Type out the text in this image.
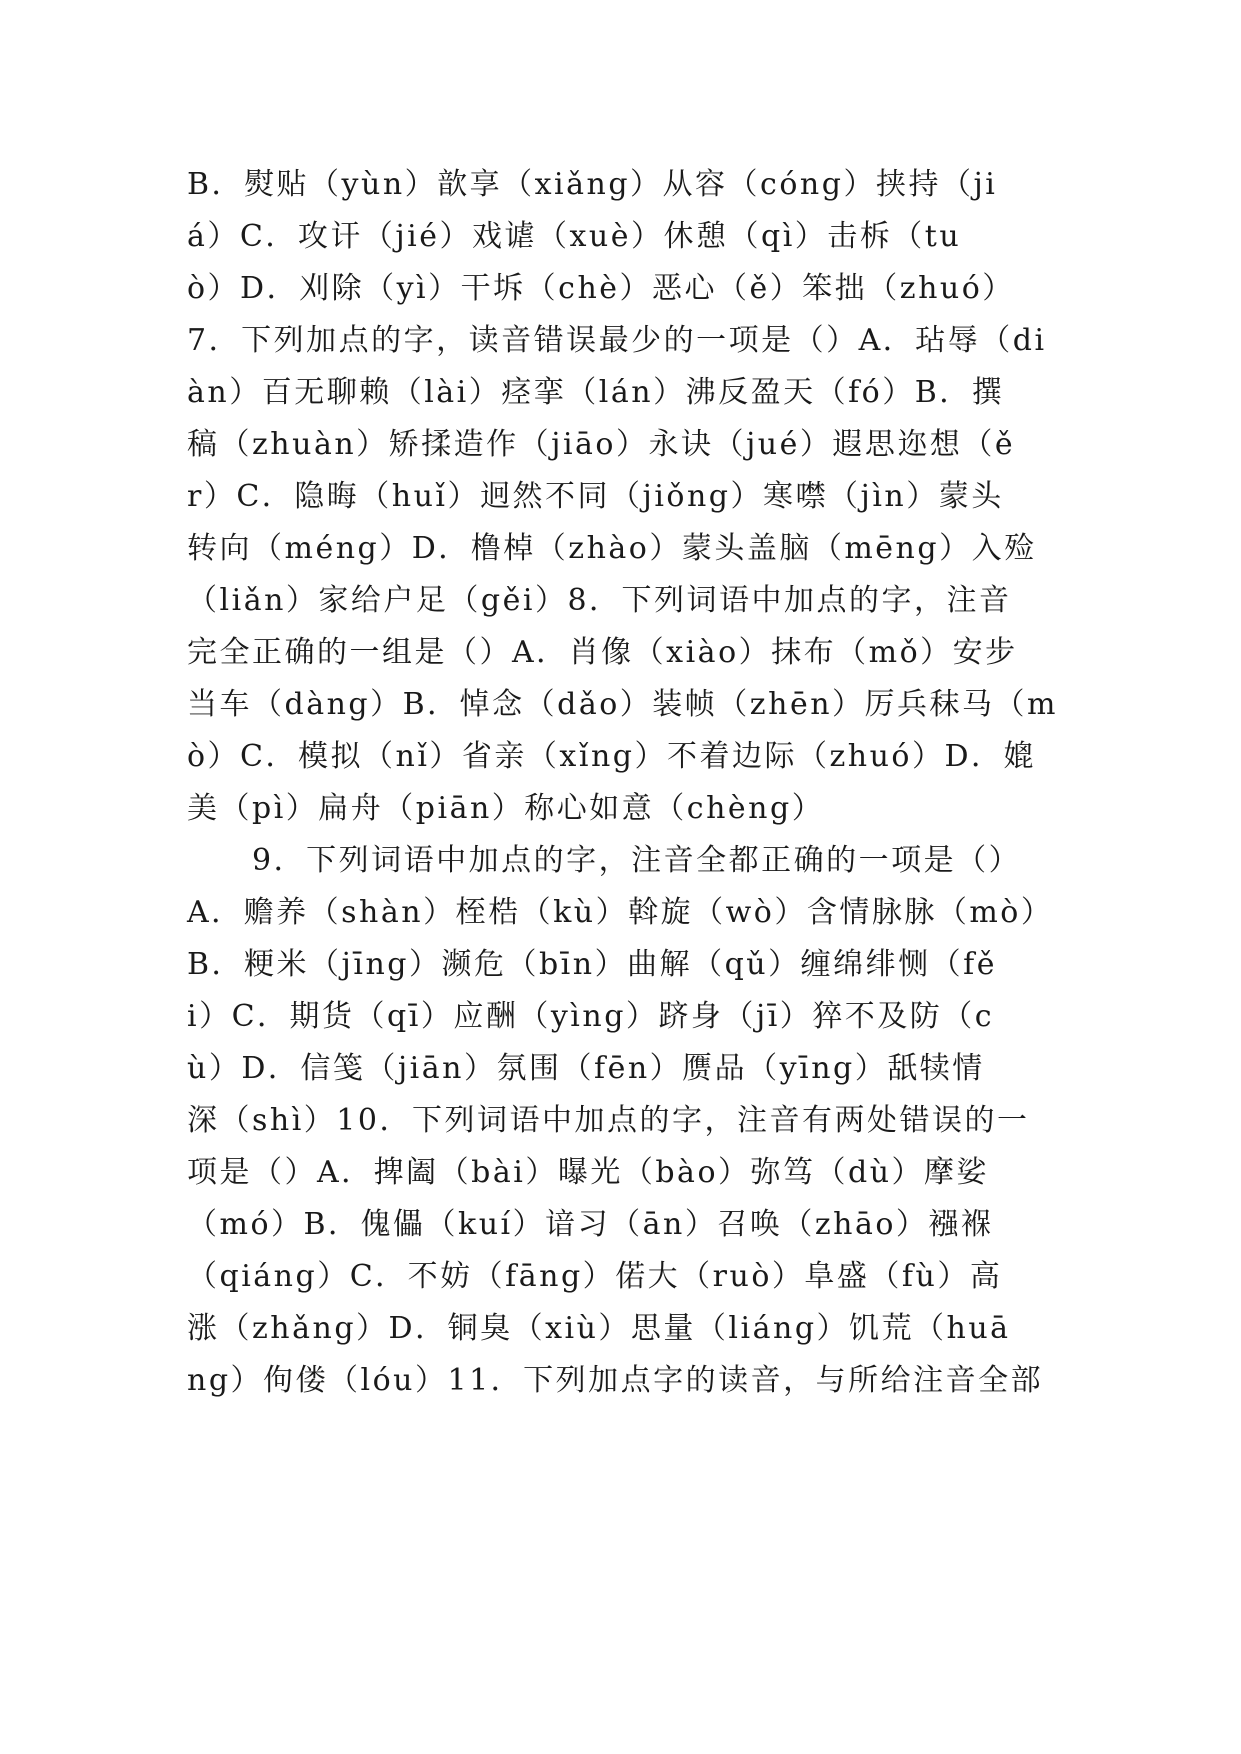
B．熨贴（yùn）歆享（xiǎng）从容（cóng）挟持（ji
á）C．攻讦（jié）戏谑（xuè）休憩（qì）击柝（tu
ò）D．刈除（yì）干坼（chè）恶心（ě）笨拙（zhuó）
7．下列加点的字，读音错误最少的一项是（）A．玷辱（di
àn）百无聊赖（lài）痉挛（lán）沸反盈天（fó）B．撰
稿（zhuàn）矫揉造作（jiāo）永诀（jué）遐思迩想（ě
r）C．隐晦（huǐ）迥然不同（jiǒng）寒噤（jìn）蒙头
转向（méng）D．橹棹（zhào）蒙头盖脑（mēng）入殓
（liǎn）家给户足（gěi）8．下列词语中加点的字，注音
完全正确的一组是（）A．肖像（xiào）抹布（mǒ）安步
当车（dàng）B．悼念（dǎo）装帧（zhēn）厉兵秣马（m
ò）C．模拟（nǐ）省亲（xǐng）不着边际（zhuó）D．媲
美（pì）扁舟（piān）称心如意（chèng）
　　9．下列词语中加点的字，注音全都正确的一项是（）
A．赡养（shàn）桎梏（kù）斡旋（wò）含情脉脉（mò）
B．粳米（jīng）濒危（bīn）曲解（qǔ）缠绵绯恻（fě
i）C．期货（qī）应酬（yìng）跻身（jī）猝不及防（c
ù）D．信笺（jiān）氛围（fēn）赝品（yīng）舐犊情
深（shì）10．下列词语中加点的字，注音有两处错误的一
项是（）A．捭阖（bài）曝光（bào）弥笃（dù）摩娑
（mó）B．傀儡（kuí）谙习（ān）召唤（zhāo）襁褓
（qiáng）C．不妨（fāng）偌大（ruò）阜盛（fù）高
涨（zhǎng）D．铜臭（xiù）思量（liáng）饥荒（huā
ng）佝偻（lóu）11．下列加点字的读音，与所给注音全部
